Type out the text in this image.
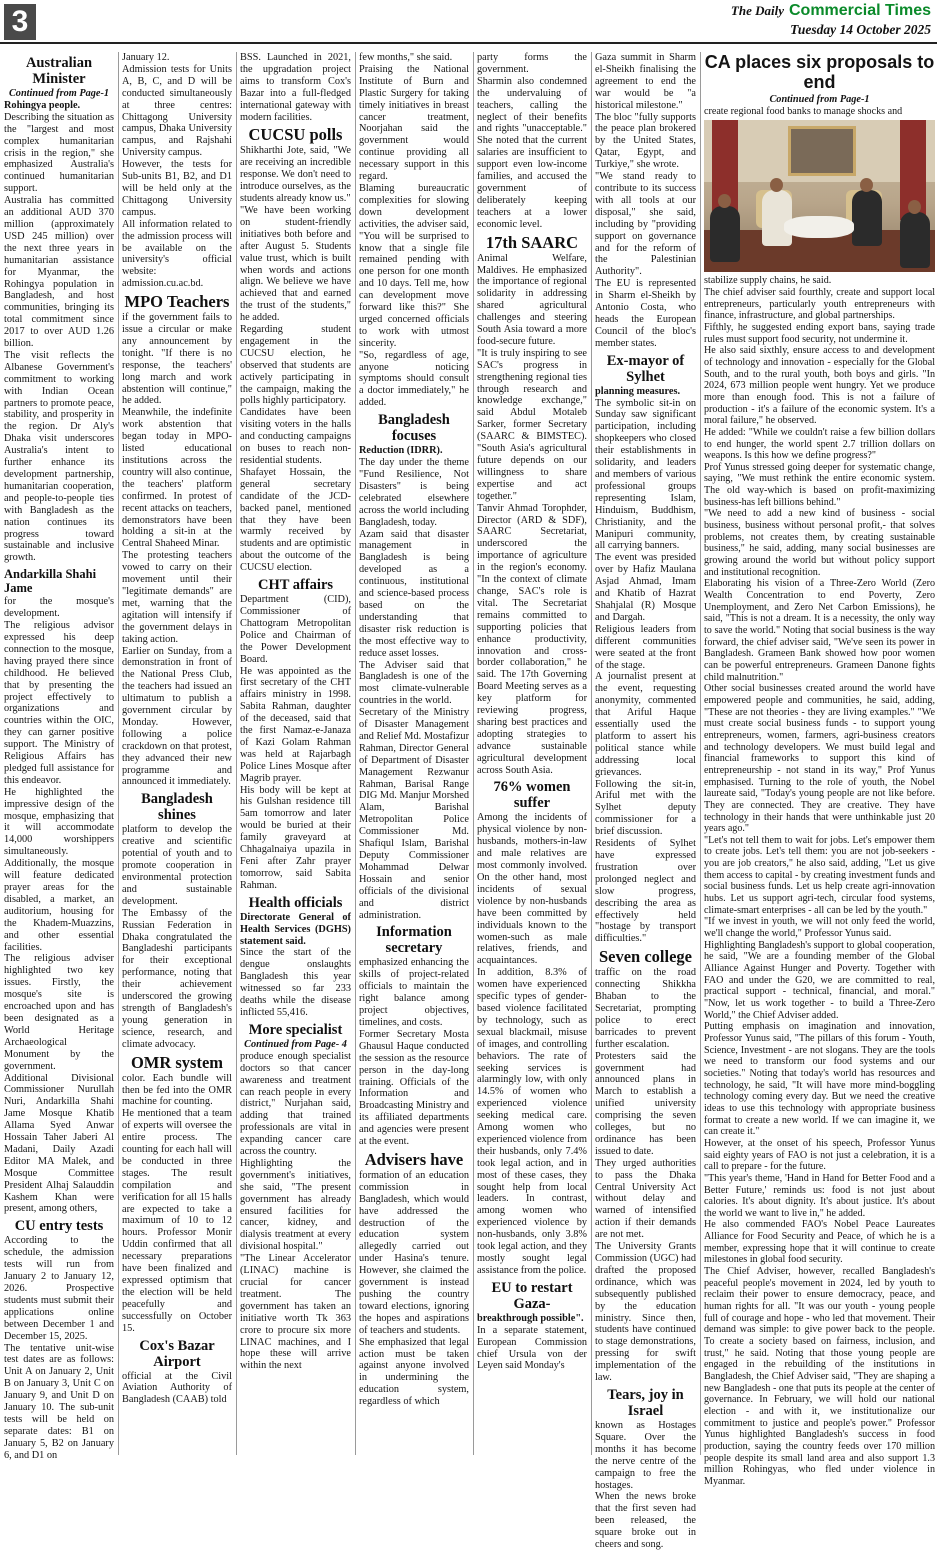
3	The Daily Commercial Times
Tuesday 14 October 2025
Australian Minister

Continued from Page-1

Rohingya people.

Describing the situation as the "largest and most complex humanitarian crisis in the region," she emphasized Australia's continued humanitarian support.

Australia has committed an additional AUD 370 million (approximately USD 245 million) over the next three years in humanitarian assistance for Myanmar, the Rohingya population in Bangladesh, and host communities, bringing its total commitment since 2017 to over AUD 1.26 billion.

The visit reflects the Albanese Government's commitment to working with Indian Ocean partners to promote peace, stability, and prosperity in the region. Dr Aly's Dhaka visit underscores Australia's intent to further enhance its development partnership, humanitarian cooperation, and people-to-people ties with Bangladesh as the nation continues its progress toward sustainable and inclusive growth.

Andarkilla Shahi Jame

for the mosque's development.

The religious advisor expressed his deep connection to the mosque, having prayed there since childhood. He believed that by presenting the project effectively to organizations and countries within the OIC, they can garner positive support. The Ministry of Religious Affairs has pledged full assistance for this endeavor.

He highlighted the impressive design of the mosque, emphasizing that it will accommodate 14,000 worshippers simultaneously. Additionally, the mosque will feature dedicated prayer areas for the disabled, a market, an auditorium, housing for the Khadem-Muazzins, and other essential facilities.

The religious adviser highlighted two key issues. Firstly, the mosque's site is encroached upon and has been designated as a World Heritage Archaeological Monument by the government.

Additional Divisional Commissioner Nurullah Nuri, Andarkilla Shahi Jame Mosque Khatib Allama Syed Anwar Hossain Taher Jaberi Al Madani, Daily Azadi Editor MA Malek, and Mosque Committee President Alhaj Salauddin Kashem Khan were present, among others,

CU entry tests

According to the schedule, the admission tests will run from January 2 to January 12, 2026. Prospective students must submit their applications online between December 1 and December 15, 2025.

The tentative unit-wise test dates are as follows: Unit A on January 2, Unit B on January 3, Unit C on January 9, and Unit D on January 10. The sub-unit tests will be held on separate dates: B1 on January 5, B2 on January 6, and D1 on

January 12.

Admission tests for Units A, B, C, and D will be conducted simultaneously at three centres: Chittagong University campus, Dhaka University campus, and Rajshahi University campus.

However, the tests for Sub-units B1, B2, and D1 will be held only at the Chittagong University campus.

All information related to the admission process will be available on the university's official website: admission.cu.ac.bd.

MPO Teachers

if the government fails to issue a circular or make any announcement by tonight. "If there is no response, the teachers' long march and work abstention will continue," he added.

Meanwhile, the indefinite work abstention that began today in MPO-listed educational institutions across the country will also continue, the teachers' platform confirmed. In protest of recent attacks on teachers, demonstrators have been holding a sit-in at the Central Shaheed Minar.

The protesting teachers vowed to carry on their movement until their "legitimate demands" are met, warning that the agitation will intensify if the government delays in taking action.

Earlier on Sunday, from a demonstration in front of the National Press Club, the teachers had issued an ultimatum to publish a government circular by Monday. However, following a police crackdown on that protest, they advanced their new programme and announced it immediately.

Bangladesh shines

platform to develop the creative and scientific potential of youth and to promote cooperation in environmental protection and sustainable development.

The Embassy of the Russian Federation in Dhaka congratulated the Bangladeshi participants for their exceptional performance, noting that their achievement underscored the growing strength of Bangladesh's young generation in science, research, and climate advocacy.

OMR system

color. Each bundle will then be fed into the OMR machine for counting.

He mentioned that a team of experts will oversee the entire process. The counting for each hall will be conducted in three stages. The result compilation and verification for all 15 halls are expected to take a maximum of 10 to 12 hours. Professor Monir Uddin confirmed that all necessary preparations have been finalized and expressed optimism that the election will be held peacefully and successfully on October 15.

Cox's Bazar Airport

official at the Civil Aviation Authority of Bangladesh (CAAB) told

BSS. Launched in 2021, the upgradation project aims to transform Cox's Bazar into a full-fledged international gateway with modern facilities.

CUCSU polls

Shikharthi Jote, said, "We are receiving an incredible response. We don't need to introduce ourselves, as the students already know us."

"We have been working on student-friendly initiatives both before and after August 5. Students value trust, which is built when words and actions align. We believe we have achieved that and earned the trust of the students," he added.

Regarding student engagement in the CUCSU election, he observed that students are actively participating in the campaign, making the polls highly participatory.

Candidates have been visiting voters in the halls and conducting campaigns on buses to reach non-residential students.

Shafayet Hossain, the general secretary candidate of the JCD-backed panel, mentioned that they have been warmly received by students and are optimistic about the outcome of the CUCSU election.

CHT affairs

Department (CID), Commissioner of Chattogram Metropolitan Police and Chairman of the Power Development Board.

He was appointed as the first secretary of the CHT affairs ministry in 1998. Sabita Rahman, daughter of the deceased, said that the first Namaz-e-Janaza of Kazi Golam Rahman was held at Rajarbagh Police Lines Mosque after Magrib prayer.

His body will be kept at his Gulshan residence till 5am tomorrow and later would be buried at their family graveyard at Chhagalnaiya upazila in Feni after Zahr prayer tomorrow, said Sabita Rahman.

Health officials

Directorate General of Health Services (DGHS) statement said.

Since the start of the dengue onslaughts Bangladesh this year witnessed so far 233 deaths while the disease inflicted 55,416.

More specialist

Continued from Page- 4

produce enough specialist doctors so that cancer awareness and treatment can reach people in every district," Nurjahan said, adding that trained professionals are vital in expanding cancer care across the country.

Highlighting the government's initiatives, she said, "The present government has already ensured facilities for cancer, kidney, and dialysis treatment at every divisional hospital."

"The Linear Accelerator (LINAC) machine is crucial for cancer treatment. The government has taken an initiative worth Tk 363 crore to procure six more LINAC machines, and I hope these will arrive within the next

few months," she said.

Praising the National Institute of Burn and Plastic Surgery for taking timely initiatives in breast cancer treatment, Noorjahan said the government would continue providing all necessary support in this regard.

Blaming bureaucratic complexities for slowing down development activities, the adviser said, "You will be surprised to know that a single file remained pending with one person for one month and 10 days. Tell me, how can development move forward like this?" She urged concerned officials to work with utmost sincerity.

"So, regardless of age, anyone noticing symptoms should consult a doctor immediately," he added.

Bangladesh focuses

Reduction (IDRR).

The day under the theme "Fund Resilience, Not Disasters" is being celebrated elsewhere across the world including Bangladesh, today.

Azam said that disaster management in Bangladesh is being developed as a continuous, institutional and science-based process based on the understanding that disaster risk reduction is the most effective way to reduce asset losses.

The Adviser said that Bangladesh is one of the most climate-vulnerable countries in the world.

Secretary of the Ministry of Disaster Management and Relief Md. Mostafizur Rahman, Director General of Department of Disaster Management Rezwanur Rahman, Barisal Range DIG Md. Manjur Morshed Alam, Barishal Metropolitan Police Commissioner Md. Shafiqul Islam, Barishal Deputy Commissioner Mohammad Delwar Hossain and senior officials of the divisional and district administration.

Information secretary

emphasized enhancing the skills of project-related officials to maintain the right balance among project objectives, timelines, and costs.

Former Secretary Mosta Ghausul Haque conducted the session as the resource person in the day-long training. Officials of the Information and Broadcasting Ministry and its affiliated departments and agencies were present at the event.

Advisers have

formation of an education commission in Bangladesh, which would have addressed the destruction of the education system allegedly carried out under Hasina's tenure. However, she claimed the government is instead pushing the country toward elections, ignoring the hopes and aspirations of teachers and students.

She emphasized that legal action must be taken against anyone involved in undermining the education system, regardless of which

party forms the government.

Sharmin also condemned the undervaluing of teachers, calling the neglect of their benefits and rights "unacceptable." She noted that the current salaries are insufficient to support even low-income families, and accused the government of deliberately keeping teachers at a lower economic level.

17th SAARC

Animal Welfare, Maldives. He emphasized the importance of regional solidarity in addressing shared agricultural challenges and steering South Asia toward a more food-secure future.

"It is truly inspiring to see SAC's progress in strengthening regional ties through research and knowledge exchange," said Abdul Motaleb Sarker, former Secretary (SAARC & BIMSTEC). "South Asia's agricultural future depends on our willingness to share expertise and act together."

Tanvir Ahmad Torophder, Director (ARD & SDF), SAARC Secretariat, underscored the importance of agriculture in the region's economy. "In the context of climate change, SAC's role is vital. The Secretariat remains committed to supporting policies that enhance productivity, innovation and cross-border collaboration," he said. The 17th Governing Board Meeting serves as a key platform for reviewing progress, sharing best practices and adopting strategies to advance sustainable agricultural development across South Asia.

76% women suffer

Among the incidents of physical violence by non-husbands, mothers-in-law and male relatives are most commonly involved. On the other hand, most incidents of sexual violence by non-husbands have been committed by individuals known to the women-such as male relatives, friends, and acquaintances.

In addition, 8.3% of women have experienced specific types of gender-based violence facilitated by technology, such as sexual blackmail, misuse of images, and controlling behaviors. The rate of seeking services is alarmingly low, with only 14.5% of women who experienced violence seeking medical care. Among women who experienced violence from their husbands, only 7.4% took legal action, and in most of these cases, they sought help from local leaders. In contrast, among women who experienced violence by non-husbands, only 3.8% took legal action, and they mostly sought legal assistance from the police.

EU to restart Gaza-

breakthrough possible".

In a separate statement, European Commission chief Ursula von der Leyen said Monday's

Gaza summit in Sharm el-Sheikh finalising the agreement to end the war would be "a historical milestone."

The bloc "fully supports the peace plan brokered by the United States, Qatar, Egypt, and Turkiye," she wrote.

"We stand ready to contribute to its success with all tools at our disposal," she said, including by "providing support on governance and for the reform of the Palestinian Authority".

The EU is represented in Sharm el-Sheikh by Antonio Costa, who heads the European Council of the bloc's member states.

Ex-mayor of Sylhet

planning measures.

The symbolic sit-in on Sunday saw significant participation, including shopkeepers who closed their establishments in solidarity, and leaders and members of various professional groups representing Islam, Hinduism, Buddhism, Christianity, and the Manipuri community, all carrying banners.

The event was presided over by Hafiz Maulana Asjad Ahmad, Imam and Khatib of Hazrat Shahjalal (R) Mosque and Dargah.

Religious leaders from different communities were seated at the front of the stage.

A journalist present at the event, requesting anonymity, commented that Ariful Haque essentially used the platform to assert his political stance while addressing local grievances.

Following the sit-in, Ariful met with the Sylhet deputy commissioner for a brief discussion.

Residents of Sylhet have expressed frustration over prolonged neglect and slow progress, describing the area as effectively held "hostage by transport difficulties."

Seven college

traffic on the road connecting Shikkha Bhaban to the Secretariat, prompting police to erect barricades to prevent further escalation.

Protesters said the government had announced plans in March to establish a unified university comprising the seven colleges, but no ordinance has been issued to date.

They urged authorities to pass the Dhaka Central University Act without delay and warned of intensified action if their demands are not met.

The University Grants Commission (UGC) had drafted the proposed ordinance, which was subsequently published by the education ministry. Since then, students have continued to stage demonstrations, pressing for swift implementation of the law.

Tears, joy in Israel

known as Hostages Square. Over the months it has become the nerve centre of the campaign to free the hostages.

When the news broke that the first seven had been released, the square broke out in cheers and song.

CA places six proposals to end

Continued from Page-1

create regional food banks to manage shocks and

stabilize supply chains, he said.

The chief adviser said fourthly, create and support local entrepreneurs, particularly youth entrepreneurs with finance, infrastructure, and global partnerships.

Fifthly, he suggested ending export bans, saying trade rules must support food security, not undermine it.

He also said sixthly, ensure access to and development of technology and innovation - especially for the Global South, and to the rural youth, both boys and girls. "In 2024, 673 million people went hungry. Yet we produce more than enough food. This is not a failure of production - it's a failure of the economic system. It's a moral failure," he observed.

He added: "While we couldn't raise a few billion dollars to end hunger, the world spent 2.7 trillion dollars on weapons. Is this how we define progress?"

Prof Yunus stressed going deeper for systematic change, saying, "We must rethink the entire economic system. The old way-which is based on profit-maximizing business-has left billions behind."

"We need to add a new kind of business - social business, business without personal profit,- that solves problems, not creates them, by creating sustainable business," he said, adding, many social businesses are growing around the world but without policy support and institutional recognition.

Elaborating his vision of a Three-Zero World (Zero Wealth Concentration to end Poverty, Zero Unemployment, and Zero Net Carbon Emissions), he said, "This is not a dream. It is a necessity, the only way to save the world." Noting that social business is the way forward, the chief adviser said, "We've seen its power in Bangladesh. Grameen Bank showed how poor women can be powerful entrepreneurs. Grameen Danone fights child malnutrition."

Other social businesses created around the world have empowered people and communities, he said, adding, "These are not theories - they are living examples." "We must create social business funds - to support young entrepreneurs, women, farmers, agri-business creators and technology developers. We must build legal and financial frameworks to support this kind of entrepreneurship - not stand in its way," Prof Yunus emphasised. Turning to the role of youth, the Nobel laureate said, "Today's young people are not like before. They are connected. They are creative. They have technology in their hands that were unthinkable just 20 years ago."

"Let's not tell them to wait for jobs. Let's empower them to create jobs. Let's tell them: you are not job-seekers - you are job creators," he also said, adding, "Let us give them access to capital - by creating investment funds and social business funds. Let us help create agri-innovation hubs. Let us support agri-tech, circular food systems, climate-smart enterprises - all can be led by the youth."

"If we invest in youth, we will not only feed the world, we'll change the world," Professor Yunus said.

Highlighting Bangladesh's support to global cooperation, he said, "We are a founding member of the Global Alliance Against Hunger and Poverty. Together with FAO and under the G20, we are committed to real, practical support - technical, financial, and moral." "Now, let us work together - to build a Three-Zero World," the Chief Adviser added.

Putting emphasis on imagination and innovation, Professor Yunus said, "The pillars of this forum - Youth, Science, Investment - are not slogans. They are the tools we need to transform our food systems and our societies." Noting that today's world has resources and technology, he said, "It will have more mind-boggling technology coming every day. But we need the creative ideas to use this technology with appropriate business format to create a new world. If we can imagine it, we can create it."

However, at the onset of his speech, Professor Yunus said eighty years of FAO is not just a celebration, it is a call to prepare - for the future.

"This year's theme, 'Hand in Hand for Better Food and a Better Future,' reminds us: food is not just about calories. It's about dignity. It's about justice. It's about the world we want to live in," he added.

He also commended FAO's Nobel Peace Laureates Alliance for Food Security and Peace, of which he is a member, expressing hope that it will continue to create milestones in global food security.

The Chief Adviser, however, recalled Bangladesh's peaceful people's movement in 2024, led by youth to reclaim their power to ensure democracy, peace, and human rights for all. "It was our youth - young people full of courage and hope - who led that movement. Their demand was simple: to give power back to the people. To create a society based on fairness, inclusion, and trust," he said. Noting that those young people are engaged in the rebuilding of the institutions in Bangladesh, the Chief Adviser said, "They are shaping a new Bangladesh - one that puts its people at the center of governance. In February, we will hold our national election - and with it, we institutionalize our commitment to justice and people's power." Professor Yunus highlighted Bangladesh's success in food production, saying the country feeds over 170 million people despite its small land area and also support 1.3 million Rohingyas, who fled under violence in Myanmar.
